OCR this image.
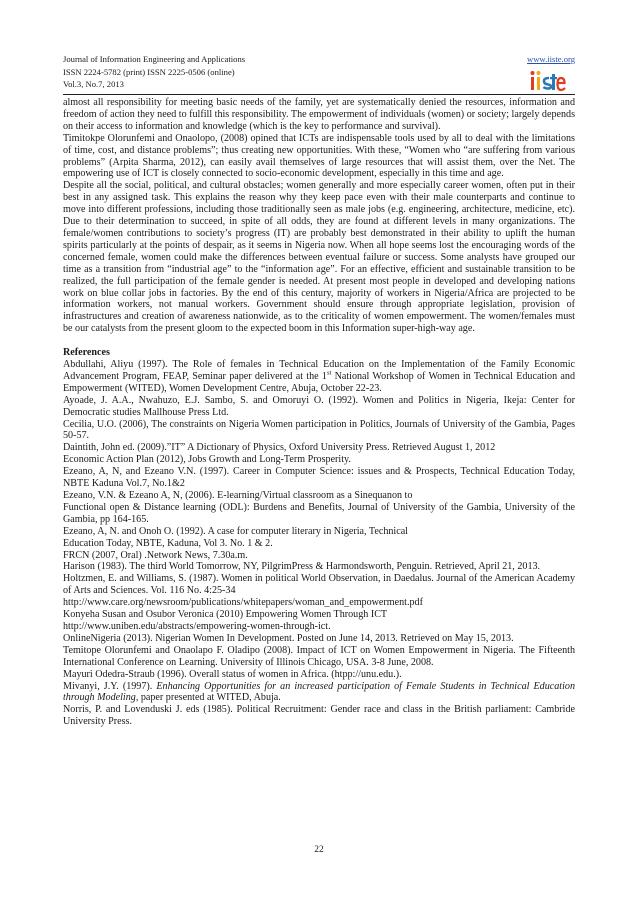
Journal of Information Engineering and Applications
ISSN 2224-5782 (print) ISSN 2225-0506 (online)
Vol.3, No.7, 2013
www.iiste.org

almost all responsibility for meeting basic needs of the family, yet are systematically denied the resources, information and freedom of action they need to fulfill this responsibility. The empowerment of individuals (women) or society; largely depends on their access to information and knowledge (which is the key to performance and survival).

Timitokpe Olorunfemi and Onaolopo, (2008) opined that ICTs are indispensable tools used by all to deal with the limitations of time, cost, and distance problems”; thus creating new opportunities. With these, “Women who “are suffering from various problems” (Arpita Sharma, 2012), can easily avail themselves of large resources that will assist them, over the Net. The empowering use of ICT is closely connected to socio-economic development, especially in this time and age.

Despite all the social, political, and cultural obstacles; women generally and more especially career women, often put in their best in any assigned task. This explains the reason why they keep pace even with their male counterparts and continue to move into different professions, including those traditionally seen as male jobs (e.g. engineering, architecture, medicine, etc). Due to their determination to succeed, in spite of all odds, they are found at different levels in many organizations. The female/women contributions to society’s progress (IT) are probably best demonstrated in their ability to uplift the human spirits particularly at the points of despair, as it seems in Nigeria now. When all hope seems lost the encouraging words of the concerned female, women could make the differences between eventual failure or success. Some analysts have grouped our time as a transition from “industrial age” to the “information age”. For an effective, efficient and sustainable transition to be realized, the full participation of the female gender is needed. At present most people in developed and developing nations work on blue collar jobs in factories. By the end of this century, majority of workers in Nigeria/Africa are projected to be information workers, not manual workers. Government should ensure through appropriate legislation, provision of infrastructures and creation of awareness nationwide, as to the criticality of women empowerment. The women/females must be our catalysts from the present gloom to the expected boom in this Information super-high-way age.

References

Abdullahi, Aliyu (1997). The Role of females in Technical Education on the Implementation of the Family Economic Advancement Program, FEAP, Seminar paper delivered at the 1st National Workshop of Women in Technical Education and Empowerment (WITED), Women Development Centre, Abuja, October 22-23.

Ayoade, J. A.A., Nwahuzo, E.J. Sambo, S. and Omoruyi O. (1992). Women and Politics in Nigeria, Ikeja: Center for Democratic studies Mallhouse Press Ltd.

Cecilia, U.O. (2006), The constraints on Nigeria Women participation in Politics, Journals of University of the Gambia, Pages 50-57.

Daintith, John ed. (2009).”IT” A Dictionary of Physics, Oxford University Press. Retrieved August 1, 2012

Economic Action Plan (2012), Jobs Growth and Long-Term Prosperity.

Ezeano, A, N, and Ezeano V.N. (1997). Career in Computer Science: issues and & Prospects, Technical Education Today, NBTE Kaduna Vol.7, No.1&2

Ezeano, V.N. & Ezeano A, N, (2006). E-learning/Virtual classroom as a Sinequanon to

Functional open & Distance learning (ODL): Burdens and Benefits, Journal of University of the Gambia, University of the Gambia, pp 164-165.

Ezeano, A, N. and Onoh O. (1992). A case for computer literary in Nigeria, Technical

Education Today, NBTE, Kaduna, Vol 3. No. 1 & 2.

FRCN (2007, Oral) .Network News, 7.30a.m.

Harison (1983). The third World Tomorrow, NY, PilgrimPress & Harmondsworth, Penguin. Retrieved, April 21, 2013.

Holtzmen, E. and Williams, S. (1987). Women in political World Observation, in Daedalus. Journal of the American Academy of Arts and Sciences. Vol. 116 No. 4:25-34

http://www.care.org/newsroom/publications/whitepapers/woman_and_empowerment.pdf

Konyeha Susan and Osubor Veronica (2010) Empowering Women Through ICT

http://www.uniben.edu/abstracts/empowering-women-through-ict.

OnlineNigeria (2013). Nigerian Women In Development. Posted on June 14, 2013. Retrieved on May 15, 2013.

Temitope Olorunfemi and Onaolapo F. Oladipo (2008). Impact of ICT on Women Empowerment in Nigeria. The Fifteenth International Conference on Learning. University of Illinois Chicago, USA. 3-8 June, 2008.

Mayuri Odedra-Straub (1996). Overall status of women in Africa. (htpp://unu.edu.).

Mivanyi, J.Y. (1997). Enhancing Opportunities for an increased participation of Female Students in Technical Education through Modeling, paper presented at WITED, Abuja.

Norris, P. and Lovenduski J. eds (1985). Political Recruitment: Gender race and class in the British parliament: Cambride University Press.

22
